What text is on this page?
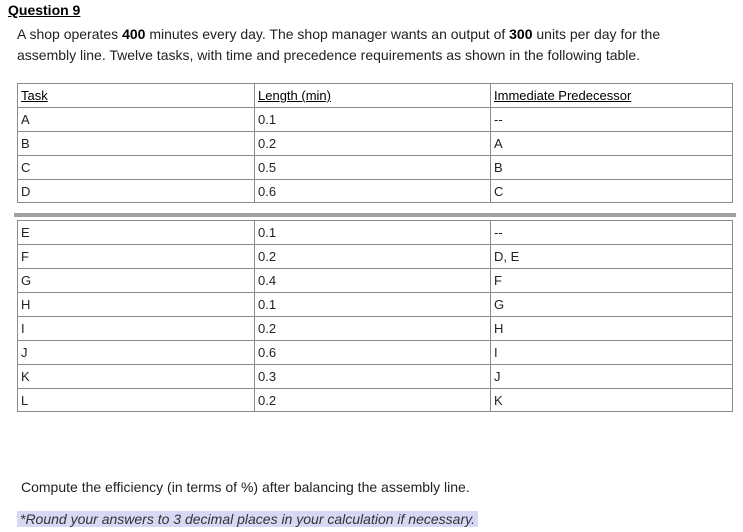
Question 9
A shop operates 400 minutes every day. The shop manager wants an output of 300 units per day for the assembly line. Twelve tasks, with time and precedence requirements as shown in the following table.
Task	Length (min)	Immediate Predecessor
A	0.1	--
B	0.2	A
C	0.5	B
D	0.6	C
E	0.1	--
F	0.2	D, E
G	0.4	F
H	0.1	G
I	0.2	H
J	0.6	I
K	0.3	J
L	0.2	K
Compute the efficiency (in terms of %) after balancing the assembly line.
*Round your answers to 3 decimal places in your calculation if necessary.
